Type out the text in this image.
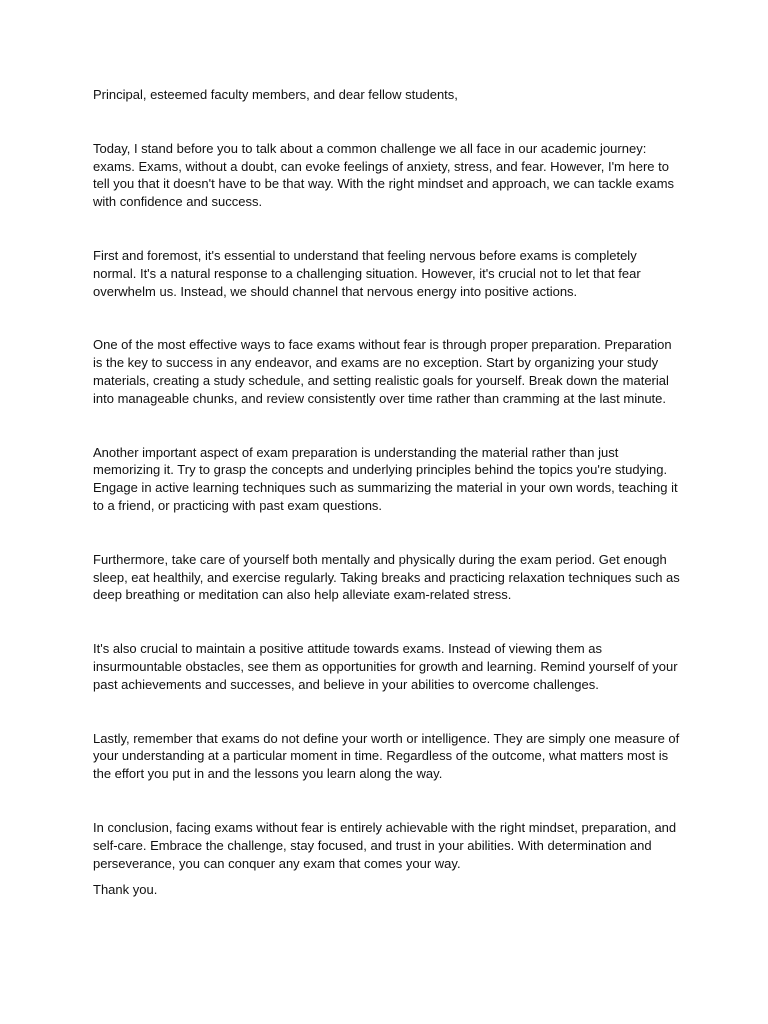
Principal, esteemed faculty members, and dear fellow students,

Today, I stand before you to talk about a common challenge we all face in our academic journey: exams. Exams, without a doubt, can evoke feelings of anxiety, stress, and fear. However, I'm here to tell you that it doesn't have to be that way. With the right mindset and approach, we can tackle exams with confidence and success.

First and foremost, it's essential to understand that feeling nervous before exams is completely normal. It's a natural response to a challenging situation. However, it's crucial not to let that fear overwhelm us. Instead, we should channel that nervous energy into positive actions.

One of the most effective ways to face exams without fear is through proper preparation. Preparation is the key to success in any endeavor, and exams are no exception. Start by organizing your study materials, creating a study schedule, and setting realistic goals for yourself. Break down the material into manageable chunks, and review consistently over time rather than cramming at the last minute.

Another important aspect of exam preparation is understanding the material rather than just memorizing it. Try to grasp the concepts and underlying principles behind the topics you're studying. Engage in active learning techniques such as summarizing the material in your own words, teaching it to a friend, or practicing with past exam questions.

Furthermore, take care of yourself both mentally and physically during the exam period. Get enough sleep, eat healthily, and exercise regularly. Taking breaks and practicing relaxation techniques such as deep breathing or meditation can also help alleviate exam-related stress.

It's also crucial to maintain a positive attitude towards exams. Instead of viewing them as insurmountable obstacles, see them as opportunities for growth and learning. Remind yourself of your past achievements and successes, and believe in your abilities to overcome challenges.

Lastly, remember that exams do not define your worth or intelligence. They are simply one measure of your understanding at a particular moment in time. Regardless of the outcome, what matters most is the effort you put in and the lessons you learn along the way.

In conclusion, facing exams without fear is entirely achievable with the right mindset, preparation, and self-care. Embrace the challenge, stay focused, and trust in your abilities. With determination and perseverance, you can conquer any exam that comes your way.

Thank you.
